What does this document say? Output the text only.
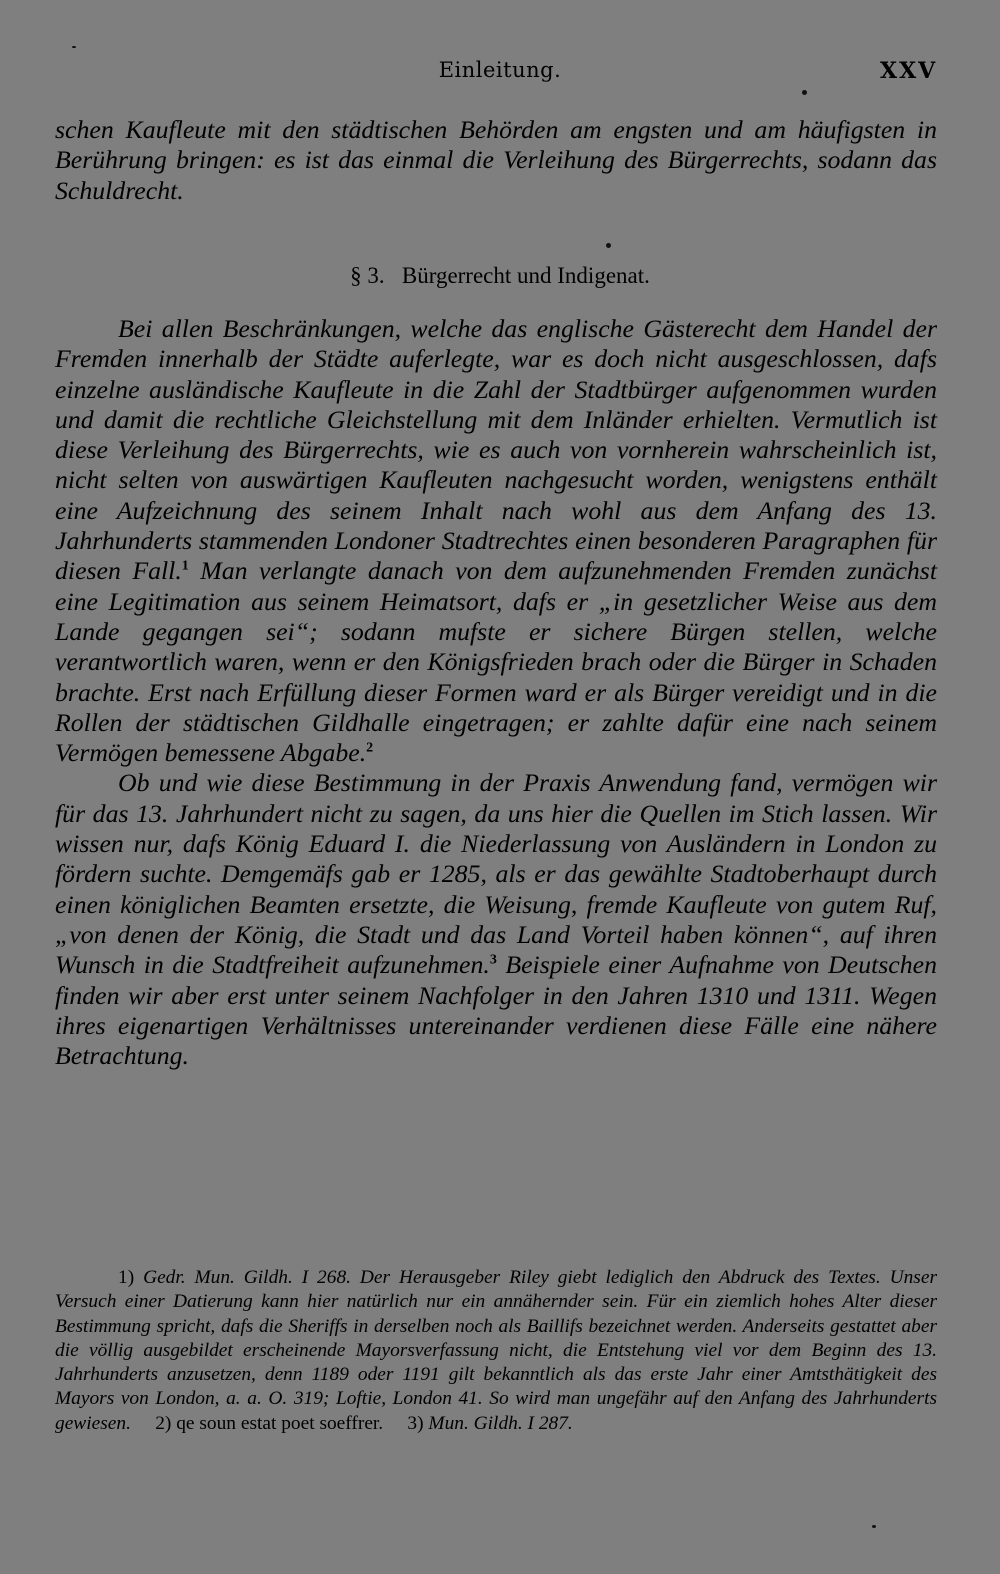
Einleitung.	XXV

schen Kaufleute mit den städtischen Behörden am engsten und am häufigsten in Berührung bringen: es ist das einmal die Verleihung des Bürgerrechts, sodann das Schuldrecht.

§ 3. Bürgerrecht und Indigenat.

Bei allen Beschränkungen, welche das englische Gästerecht dem Handel der Fremden innerhalb der Städte auferlegte, war es doch nicht ausgeschlossen, dafs einzelne ausländische Kaufleute in die Zahl der Stadtbürger aufgenommen wurden und damit die rechtliche Gleichstellung mit dem Inländer erhielten. Vermutlich ist diese Verleihung des Bürgerrechts, wie es auch von vornherein wahrscheinlich ist, nicht selten von auswärtigen Kaufleuten nachgesucht worden, wenigstens enthält eine Aufzeichnung des seinem Inhalt nach wohl aus dem Anfang des 13. Jahrhunderts stammenden Londoner Stadtrechtes einen besonderen Paragraphen für diesen Fall.$^1$ Man verlangte danach von dem aufzunehmenden Fremden zunächst eine Legitimation aus seinem Heimatsort, dafs er „in gesetzlicher Weise aus dem Lande gegangen sei“; sodann mufste er sichere Bürgen stellen, welche verantwortlich waren, wenn er den Königsfrieden brach oder die Bürger in Schaden brachte. Erst nach Erfüllung dieser Formen ward er als Bürger vereidigt und in die Rollen der städtischen Gildhalle eingetragen; er zahlte dafür eine nach seinem Vermögen bemessene Abgabe.$^2$

Ob und wie diese Bestimmung in der Praxis Anwendung fand, vermögen wir für das 13. Jahrhundert nicht zu sagen, da uns hier die Quellen im Stich lassen. Wir wissen nur, dafs König Eduard I. die Niederlassung von Ausländern in London zu fördern suchte. Demgemäfs gab er 1285, als er das gewählte Stadtoberhaupt durch einen königlichen Beamten ersetzte, die Weisung, fremde Kaufleute von gutem Ruf, „von denen der König, die Stadt und das Land Vorteil haben können“, auf ihren Wunsch in die Stadtfreiheit aufzunehmen.$^3$ Beispiele einer Aufnahme von Deutschen finden wir aber erst unter seinem Nachfolger in den Jahren 1310 und 1311. Wegen ihres eigenartigen Verhältnisses untereinander verdienen diese Fälle eine nähere Betrachtung.

1) Gedr. Mun. Gildh. I 268. Der Herausgeber Riley giebt lediglich den Abdruck des Textes. Unser Versuch einer Datierung kann hier natürlich nur ein annähernder sein. Für ein ziemlich hohes Alter dieser Bestimmung spricht, dafs die Sheriffs in derselben noch als Baillifs bezeichnet werden. Anderseits gestattet aber die völlig ausgebildet erscheinende Mayorsverfassung nicht, die Entstehung viel vor dem Beginn des 13. Jahrhunderts anzusetzen, denn 1189 oder 1191 gilt bekanntlich als das erste Jahr einer Amtsthätigkeit des Mayors von London, a. a. O. 319; Loftie, London 41. So wird man ungefähr auf den Anfang des Jahrhunderts gewiesen. 2) qe soun estat poet soeffrer. 3) Mun. Gildh. I 287.
